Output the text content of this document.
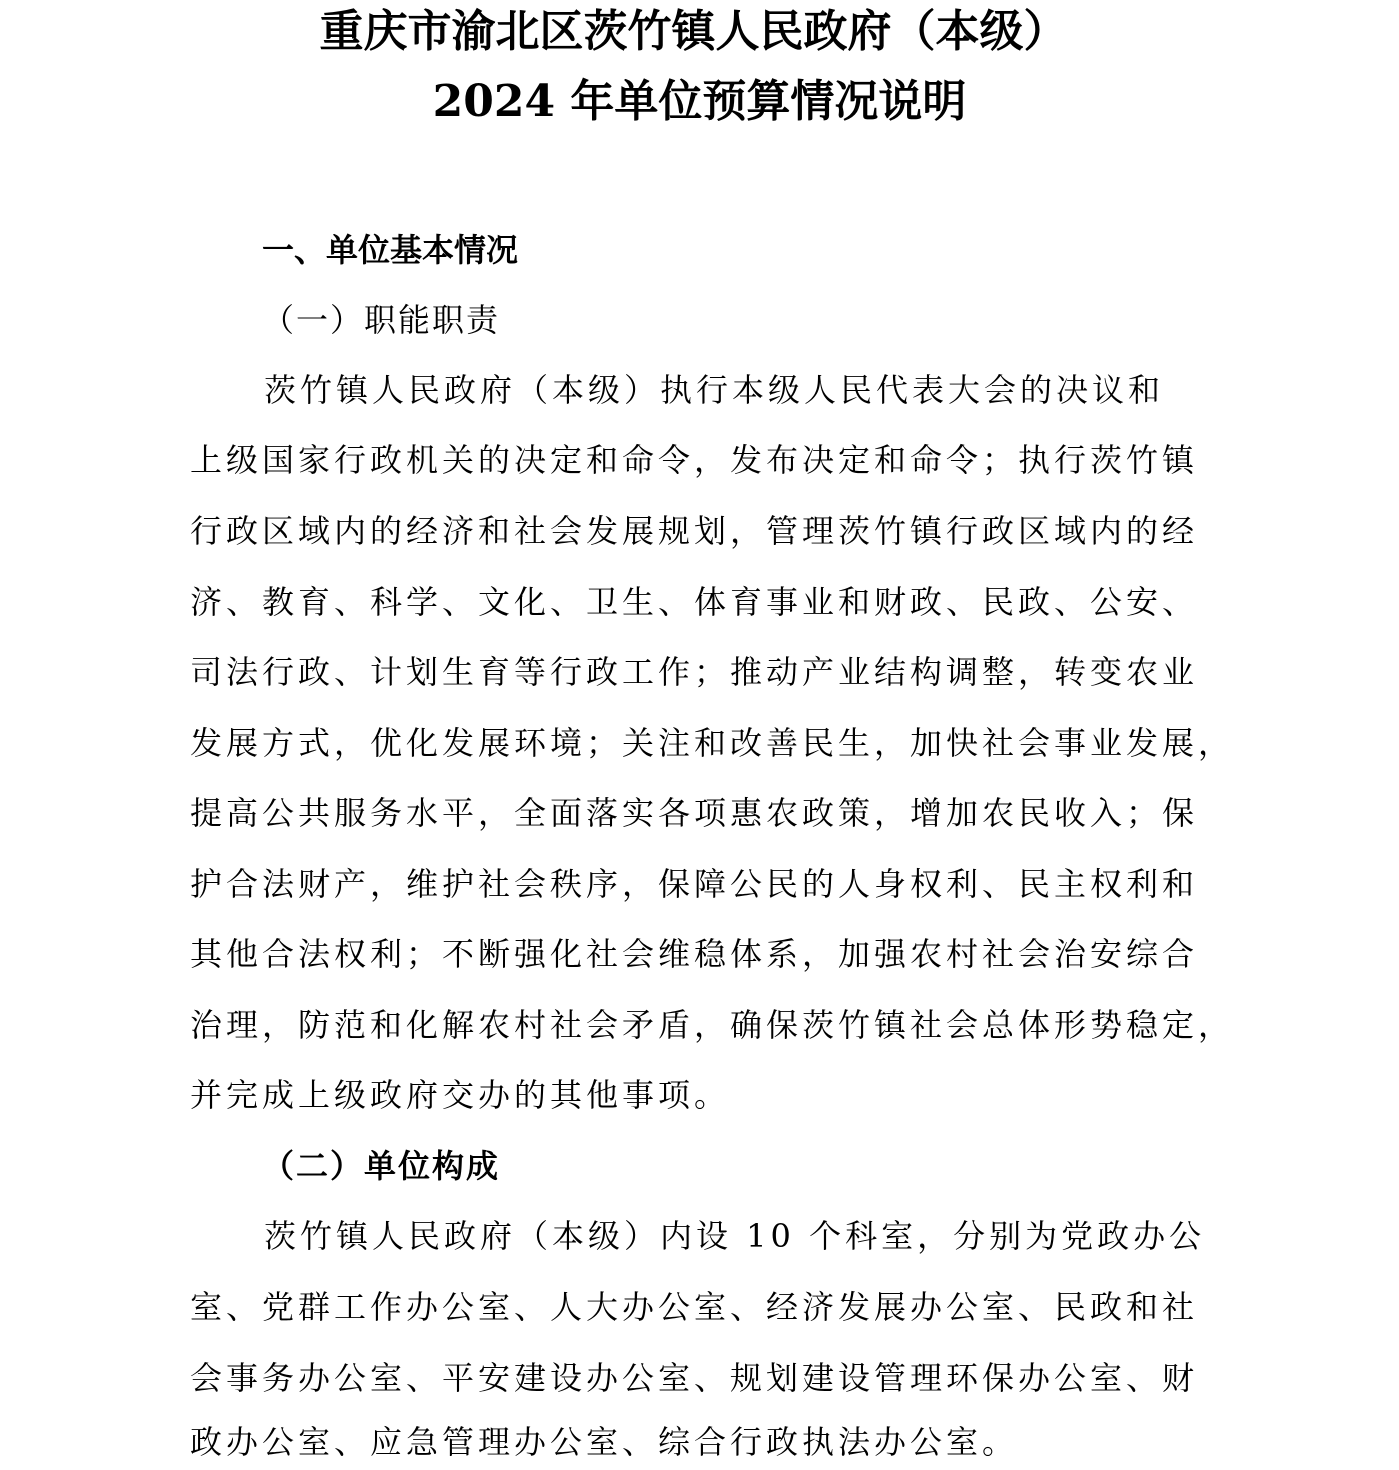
重庆市渝北区茨竹镇人民政府（本级）
2024 年单位预算情况说明
一、单位基本情况
（一）职能职责
茨竹镇人民政府（本级）执行本级人民代表大会的决议和
上级国家行政机关的决定和命令，发布决定和命令；执行茨竹镇
行政区域内的经济和社会发展规划，管理茨竹镇行政区域内的经
济、教育、科学、文化、卫生、体育事业和财政、民政、公安、
司法行政、计划生育等行政工作；推动产业结构调整，转变农业
发展方式，优化发展环境；关注和改善民生，加快社会事业发展，
提高公共服务水平，全面落实各项惠农政策，增加农民收入；保
护合法财产，维护社会秩序，保障公民的人身权利、民主权利和
其他合法权利；不断强化社会维稳体系，加强农村社会治安综合
治理，防范和化解农村社会矛盾，确保茨竹镇社会总体形势稳定，
并完成上级政府交办的其他事项。
（二）单位构成
茨竹镇人民政府（本级）内设 10 个科室，分别为党政办公
室、党群工作办公室、人大办公室、经济发展办公室、民政和社
会事务办公室、平安建设办公室、规划建设管理环保办公室、财
政办公室、应急管理办公室、综合行政执法办公室。
